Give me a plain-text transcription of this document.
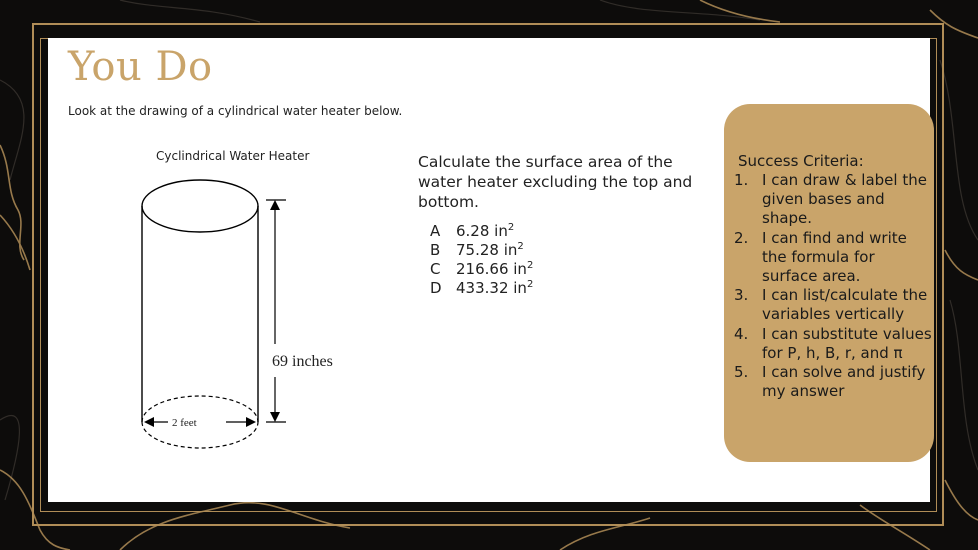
You Do
Look at the drawing of a cylindrical water heater below.
Cyclindrical Water Heater
69 inches
2 feet
Calculate the surface area of the water heater excluding the top and bottom.
A 6.28 $in^2$
B 75.28 $in^2$
C 216.66 $in^2$
D 433.32 $in^2$
Success Criteria:
1. I can draw & label the given bases and shape.
2. I can find and write the formula for surface area.
3. I can list/calculate the variables vertically
4. I can substitute values for P, h, B, r, and π
5. I can solve and justify my answer
